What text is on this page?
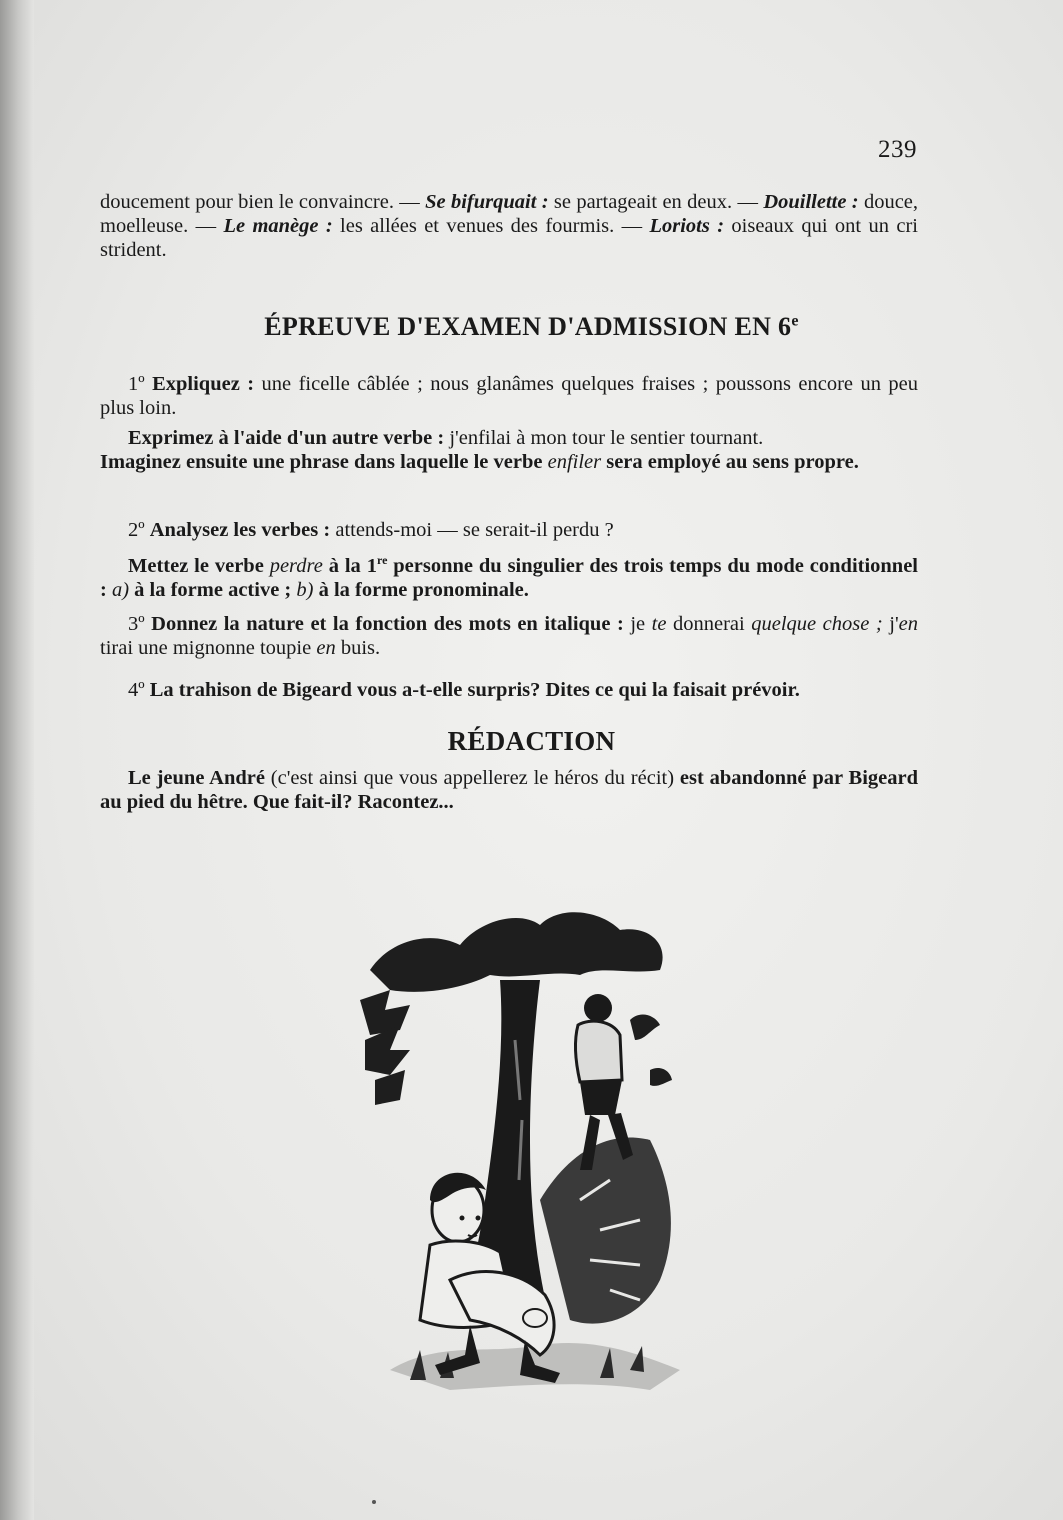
239

doucement pour bien le convaincre. — Se bifurquait : se partageait en deux. — Douillette : douce, moelleuse. — Le manège : les allées et venues des fourmis. — Loriots : oiseaux qui ont un cri strident.

ÉPREUVE D'EXAMEN D'ADMISSION EN 6e

1º Expliquez : une ficelle câblée ; nous glanâmes quelques fraises ; poussons encore un peu plus loin.

Exprimez à l'aide d'un autre verbe : j'enfilai à mon tour le sentier tournant.

Imaginez ensuite une phrase dans laquelle le verbe enfiler sera employé au sens propre.

2º Analysez les verbes : attends-moi — se serait-il perdu ?

Mettez le verbe perdre à la 1re personne du singulier des trois temps du mode conditionnel : a) à la forme active ; b) à la forme pronominale.

3º Donnez la nature et la fonction des mots en italique : je te donnerai quelque chose ; j'en tirai une mignonne toupie en buis.

4º La trahison de Bigeard vous a-t-elle surpris? Dites ce qui la faisait prévoir.

RÉDACTION

Le jeune André (c'est ainsi que vous appellerez le héros du récit) est abandonné par Bigeard au pied du hêtre. Que fait-il? Racontez...
